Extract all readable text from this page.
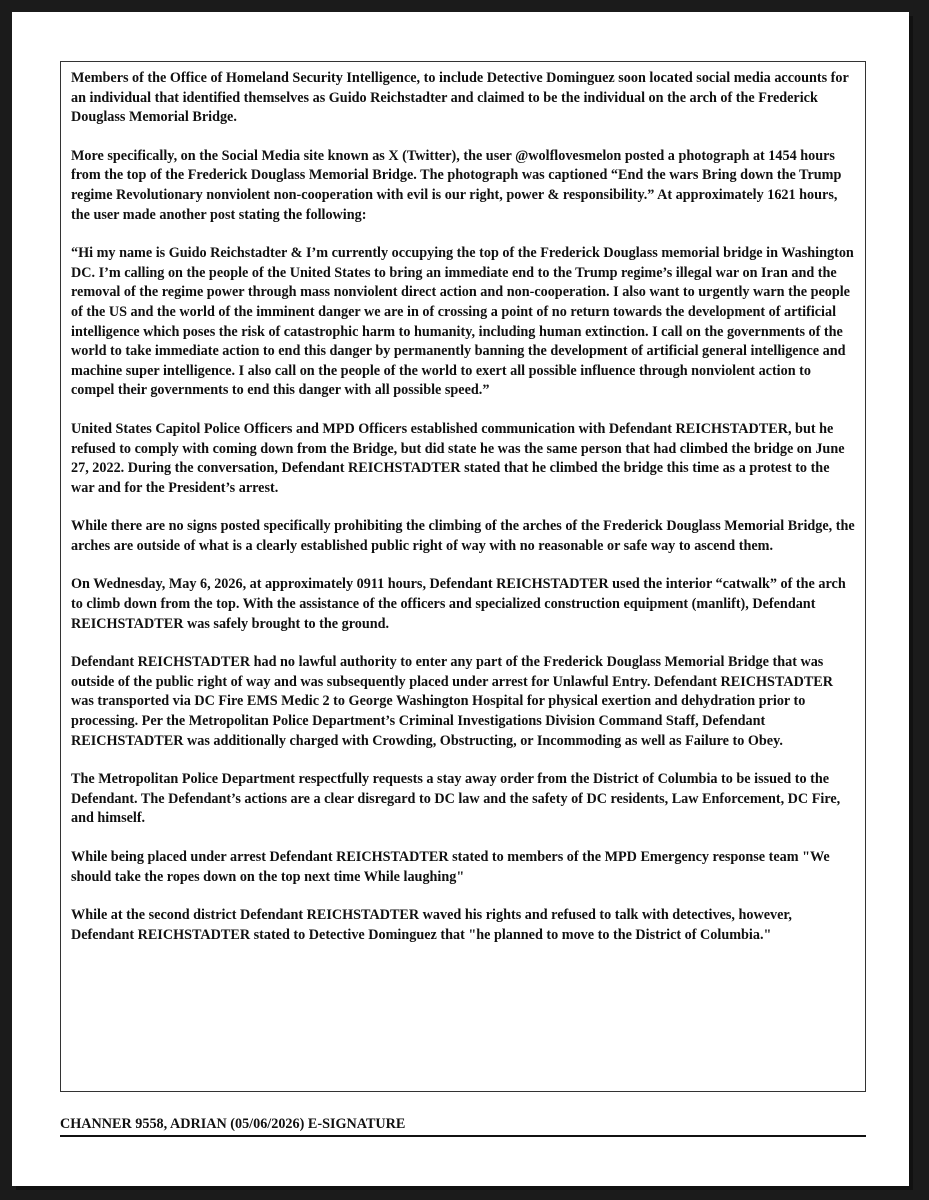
Members of the Office of Homeland Security Intelligence, to include Detective Dominguez soon located social media accounts for an individual that identified themselves as Guido Reichstadter and claimed to be the individual on the arch of the Frederick Douglass Memorial Bridge.

More specifically, on the Social Media site known as X (Twitter), the user @wolflovesmelon posted a photograph at 1454 hours from the top of the Frederick Douglass Memorial Bridge. The photograph was captioned “End the wars Bring down the Trump regime Revolutionary nonviolent non-cooperation with evil is our right, power & responsibility.” At approximately 1621 hours, the user made another post stating the following:

“Hi my name is Guido Reichstadter & I’m currently occupying the top of the Frederick Douglass memorial bridge in Washington DC. I’m calling on the people of the United States to bring an immediate end to the Trump regime’s illegal war on Iran and the removal of the regime power through mass nonviolent direct action and non-cooperation. I also want to urgently warn the people of the US and the world of the imminent danger we are in of crossing a point of no return towards the development of artificial intelligence which poses the risk of catastrophic harm to humanity, including human extinction. I call on the governments of the world to take immediate action to end this danger by permanently banning the development of artificial general intelligence and machine super intelligence. I also call on the people of the world to exert all possible influence through nonviolent action to compel their governments to end this danger with all possible speed.”

United States Capitol Police Officers and MPD Officers established communication with Defendant REICHSTADTER, but he refused to comply with coming down from the Bridge, but did state he was the same person that had climbed the bridge on June 27, 2022. During the conversation, Defendant REICHSTADTER stated that he climbed the bridge this time as a protest to the war and for the President’s arrest.

While there are no signs posted specifically prohibiting the climbing of the arches of the Frederick Douglass Memorial Bridge, the arches are outside of what is a clearly established public right of way with no reasonable or safe way to ascend them.

On Wednesday, May 6, 2026, at approximately 0911 hours, Defendant REICHSTADTER used the interior “catwalk” of the arch to climb down from the top. With the assistance of the officers and specialized construction equipment (manlift), Defendant REICHSTADTER was safely brought to the ground.

Defendant REICHSTADTER had no lawful authority to enter any part of the Frederick Douglass Memorial Bridge that was outside of the public right of way and was subsequently placed under arrest for Unlawful Entry. Defendant REICHSTADTER was transported via DC Fire EMS Medic 2 to George Washington Hospital for physical exertion and dehydration prior to processing. Per the Metropolitan Police Department’s Criminal Investigations Division Command Staff, Defendant REICHSTADTER was additionally charged with Crowding, Obstructing, or Incommoding as well as Failure to Obey.

The Metropolitan Police Department respectfully requests a stay away order from the District of Columbia to be issued to the Defendant. The Defendant’s actions are a clear disregard to DC law and the safety of DC residents, Law Enforcement, DC Fire, and himself.

While being placed under arrest Defendant REICHSTADTER stated to members of the MPD Emergency response team "We should take the ropes down on the top next time While laughing"

While at the second district Defendant REICHSTADTER waved his rights and refused to talk with detectives, however, Defendant REICHSTADTER stated to Detective Dominguez that "he planned to move to the District of Columbia."

CHANNER 9558, ADRIAN (05/06/2026) E-SIGNATURE
